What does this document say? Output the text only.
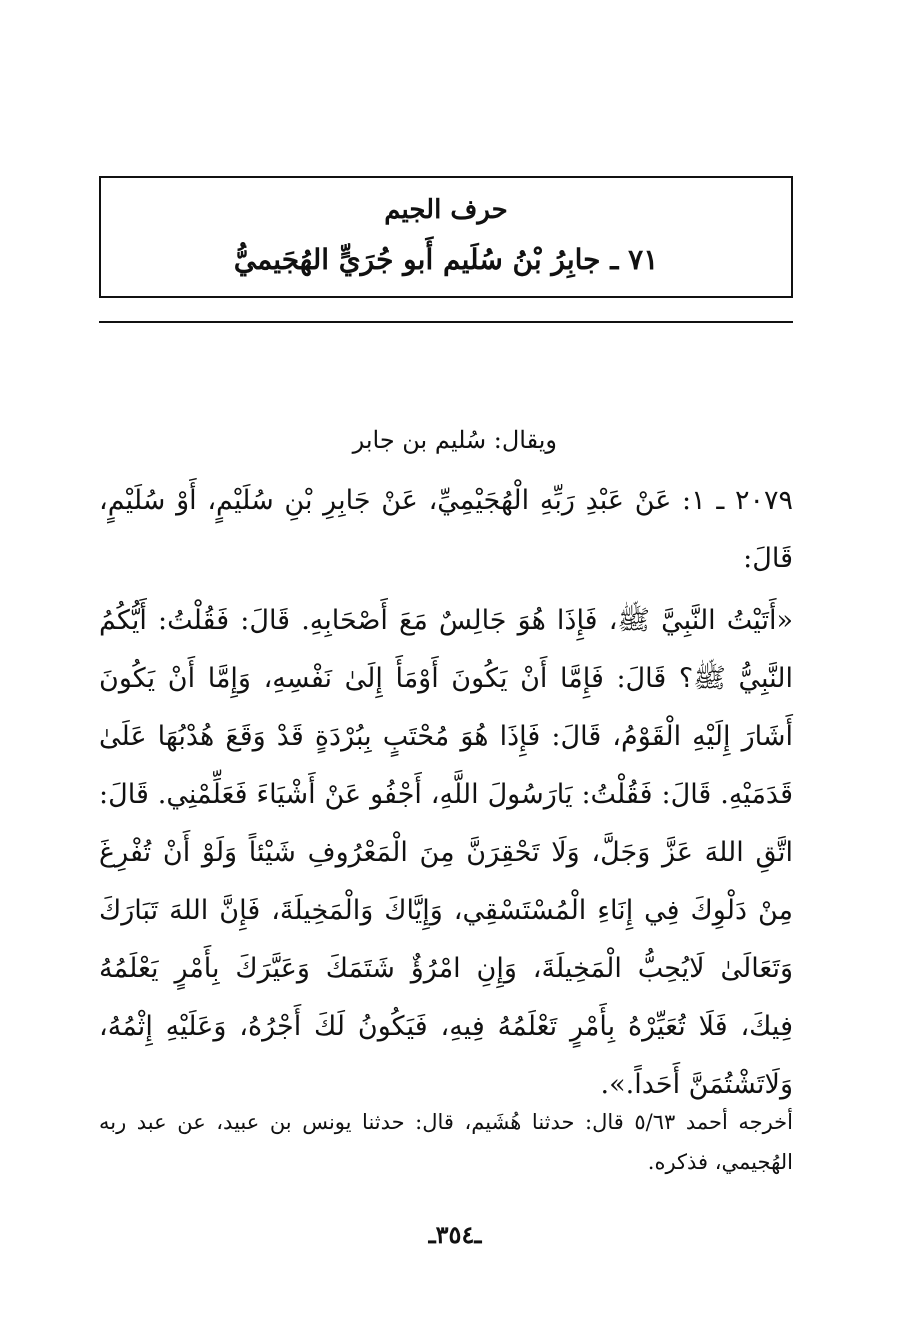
حرف الجيم
٧١ ـ جابِرُ بْنُ سُلَيم أَبو جُرَيٍّ الهُجَيميُّ
ويقال: سُليم بن جابر
٢٠٧٩ ـ ١: عَنْ عَبْدِ رَبِّهِ الْهُجَيْمِيِّ، عَنْ جَابِرِ بْنِ سُلَيْمٍ، أَوْ سُلَيْمٍ، قَالَ:
«أَتَيْتُ النَّبِيَّ ﷺ، فَإِذَا هُوَ جَالِسٌ مَعَ أَصْحَابِهِ. قَالَ: فَقُلْتُ: أَيُّكُمُ النَّبِيُّ ﷺ؟ قَالَ: فَإِمَّا أَنْ يَكُونَ أَوْمَأَ إِلَىٰ نَفْسِهِ، وَإِمَّا أَنْ يَكُونَ أَشَارَ إِلَيْهِ الْقَوْمُ، قَالَ: فَإِذَا هُوَ مُحْتَبٍ بِبُرْدَةٍ قَدْ وَقَعَ هُدْبُهَا عَلَىٰ قَدَمَيْهِ. قَالَ: فَقُلْتُ: يَارَسُولَ اللَّهِ، أَجْفُو عَنْ أَشْيَاءَ فَعَلِّمْنِي. قَالَ: اتَّقِ اللهَ عَزَّ وَجَلَّ، وَلَا تَحْقِرَنَّ مِنَ الْمَعْرُوفِ شَيْئاً وَلَوْ أَنْ تُفْرِغَ مِنْ دَلْوِكَ فِي إِنَاءِ الْمُسْتَسْقِي، وَإِيَّاكَ وَالْمَخِيلَةَ، فَإِنَّ اللهَ تَبَارَكَ وَتَعَالَىٰ لَايُحِبُّ الْمَخِيلَةَ، وَإِنِ امْرُؤٌ شَتَمَكَ وَعَيَّرَكَ بِأَمْرٍ يَعْلَمُهُ فِيكَ، فَلَا تُعَيِّرْهُ بِأَمْرٍ تَعْلَمُهُ فِيهِ، فَيَكُونُ لَكَ أَجْرُهُ، وَعَلَيْهِ إِثْمُهُ، وَلَاتَشْتُمَنَّ أَحَداً.».
أخرجه أحمد ٥/٦٣ قال: حدثنا هُشَيم، قال: حدثنا يونس بن عبيد، عن عبد ربه الهُجيمي، فذكره.
ـ٣٥٤ـ
